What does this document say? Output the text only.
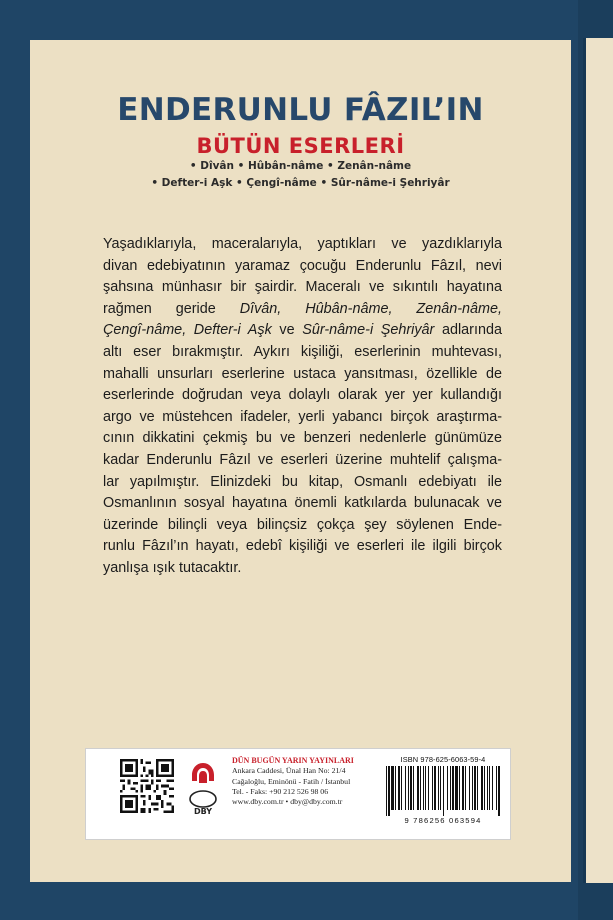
ENDERUNLU FÂZIL’IN
BÜTÜN ESERLERİ
• Dîvân • Hûbân-nâme • Zenân-nâme
• Defter-i Aşk • Çengî-nâme • Sûr-nâme-i Şehriyâr
Yaşadıklarıyla, maceralarıyla, yaptıkları ve yazdıklarıyla
divan edebiyatının yaramaz çocuğu Enderunlu Fâzıl, nevi
şahsına münhasır bir şairdir. Maceralı ve sıkıntılı hayatına
rağmen geride Dîvân, Hûbân-nâme, Zenân-nâme,
Çengî-nâme, Defter-i Aşk ve Sûr-nâme-i Şehriyâr adlarında
altı eser bırakmıştır. Aykırı kişiliği, eserlerinin muhtevası,
mahalli unsurları eserlerine ustaca yansıtması, özellikle de
eserlerinde doğrudan veya dolaylı olarak yer yer kullandığı
argo ve müstehcen ifadeler, yerli yabancı birçok araştırma-
cının dikkatini çekmiş bu ve benzeri nedenlerle günümüze
kadar Enderunlu Fâzıl ve eserleri üzerine muhtelif çalışma-
lar yapılmıştır. Elinizdeki bu kitap, Osmanlı edebiyatı ile
Osmanlının sosyal hayatına önemli katkılarda bulunacak ve
üzerinde bilinçli veya bilinçsiz çokça şey söylenen Ende-
runlu Fâzıl’ın hayatı, edebî kişiliği ve eserleri ile ilgili birçok
yanlışa ışık tutacaktır.
DBY
DÜN BUGÜN YARIN YAYINLARI
Ankara Caddesi, Ünal Han No: 21/4
Cağaloğlu, Eminönü - Fatih / İstanbul
Tel. - Faks: +90 212 526 98 06
www.dby.com.tr • dby@dby.com.tr
ISBN 978-625-6063-59-4
9 786256 063594
